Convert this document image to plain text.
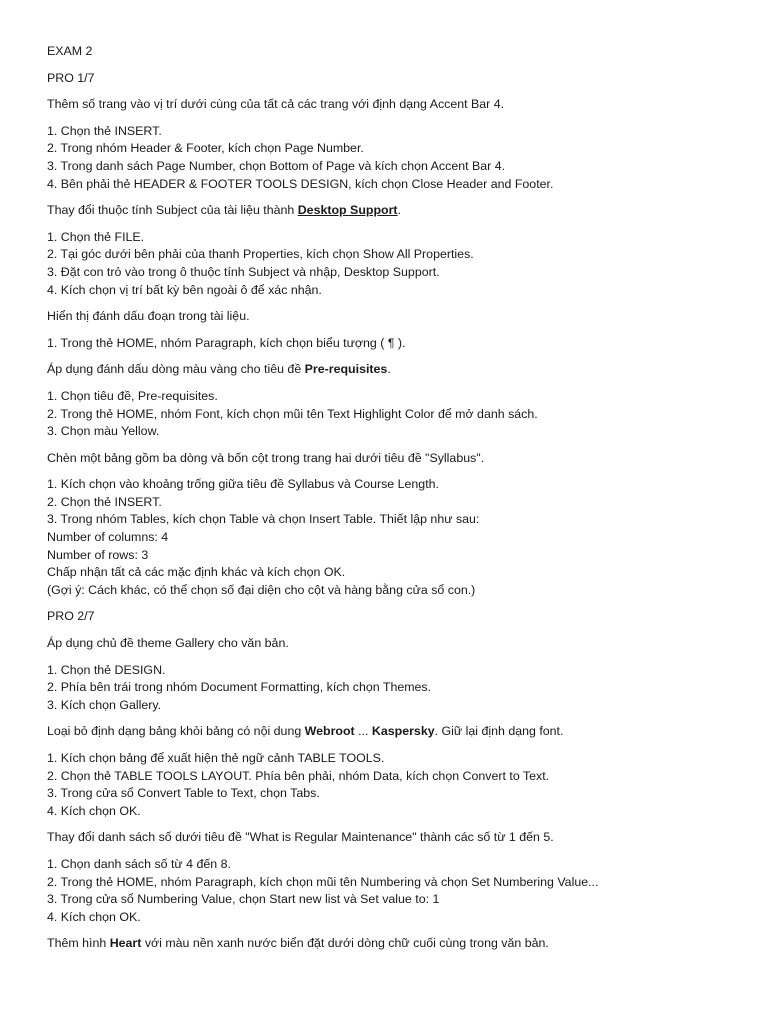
EXAM 2

PRO 1/7

Thêm số trang vào vị trí dưới cùng của tất cả các trang với định dạng Accent Bar 4.

1. Chọn thẻ INSERT.
2. Trong nhóm Header & Footer, kích chọn Page Number.
3. Trong danh sách Page Number, chọn Bottom of Page và kích chọn Accent Bar 4.
4. Bên phải thẻ HEADER & FOOTER TOOLS DESIGN, kích chọn Close Header and Footer.

Thay đổi thuộc tính Subject của tài liệu thành Desktop Support.

1. Chọn thẻ FILE.
2. Tại góc dưới bên phải của thanh Properties, kích chọn Show All Properties.
3. Đặt con trỏ vào trong ô thuộc tính Subject và nhập, Desktop Support.
4. Kích chọn vị trí bất kỳ bên ngoài ô để xác nhận.

Hiển thị đánh dấu đoạn trong tài liệu.

1. Trong thẻ HOME, nhóm Paragraph, kích chọn biểu tượng ( ¶ ).

Áp dụng đánh dấu dòng màu vàng cho tiêu đề Pre-requisites.

1. Chọn tiêu đề, Pre-requisites.
2. Trong thẻ HOME, nhóm Font, kích chọn mũi tên Text Highlight Color để mở danh sách.
3. Chọn màu Yellow.

Chèn một bảng gồm ba dòng và bốn cột trong trang hai dưới tiêu đề "Syllabus".

1. Kích chọn vào khoảng trống giữa tiêu đề Syllabus và Course Length.
2. Chọn thẻ INSERT.
3. Trong nhóm Tables, kích chọn Table và chọn Insert Table. Thiết lập như sau:
Number of columns: 4
Number of rows: 3
Chấp nhận tất cả các mặc định khác và kích chọn OK.
(Gợi ý: Cách khác, có thể chọn số đại diện cho cột và hàng bằng cửa sổ con.)

PRO 2/7

Áp dụng chủ đề theme Gallery cho văn bản.

1. Chọn thẻ DESIGN.
2. Phía bên trái trong nhóm Document Formatting, kích chọn Themes.
3. Kích chọn Gallery.

Loại bỏ định dạng bảng khỏi bảng có nội dung Webroot ... Kaspersky. Giữ lại định dạng font.

1. Kích chọn bảng để xuất hiện thẻ ngữ cảnh TABLE TOOLS.
2. Chọn thẻ TABLE TOOLS LAYOUT. Phía bên phải, nhóm Data, kích chọn Convert to Text.
3. Trong cửa sổ Convert Table to Text, chọn Tabs.
4. Kích chọn OK.

Thay đổi danh sách số dưới tiêu đề "What is Regular Maintenance" thành các số từ 1 đến 5.

1. Chọn danh sách số từ 4 đến 8.
2. Trong thẻ HOME, nhóm Paragraph, kích chọn mũi tên Numbering và chọn Set Numbering Value...
3. Trong cửa sổ Numbering Value, chọn Start new list và Set value to: 1
4. Kích chọn OK.

Thêm hình Heart với màu nền xanh nước biển đặt dưới dòng chữ cuối cùng trong văn bản.
